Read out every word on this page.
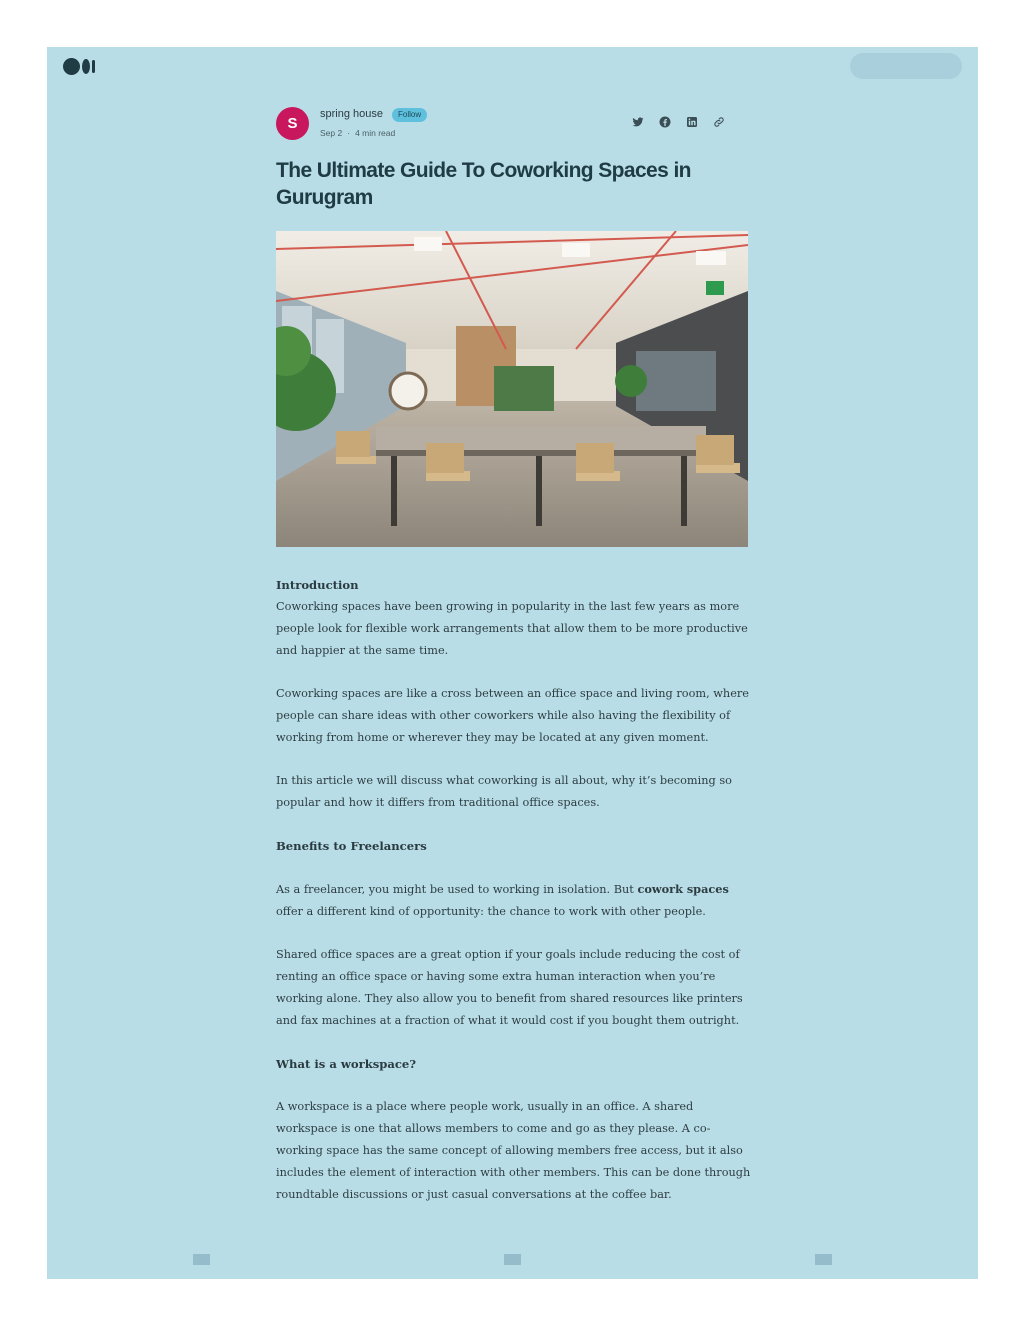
S
spring house	Follow
Sep 2 · 4 min read

The Ultimate Guide To Coworking Spaces in Gurugram
Introduction

Coworking spaces have been growing in popularity in the last few years as more people look for flexible work arrangements that allow them to be more productive and happier at the same time.

Coworking spaces are like a cross between an office space and living room, where people can share ideas with other coworkers while also having the flexibility of working from home or wherever they may be located at any given moment.

In this article we will discuss what coworking is all about, why it’s becoming so popular and how it differs from traditional office spaces.

Benefits to Freelancers

As a freelancer, you might be used to working in isolation. But cowork spaces offer a different kind of opportunity: the chance to work with other people.

Shared office spaces are a great option if your goals include reducing the cost of renting an office space or having some extra human interaction when you’re working alone. They also allow you to benefit from shared resources like printers and fax machines at a fraction of what it would cost if you bought them outright.

What is a workspace?

A workspace is a place where people work, usually in an office. A shared workspace is one that allows members to come and go as they please. A co-working space has the same concept of allowing members free access, but it also includes the element of interaction with other members. This can be done through roundtable discussions or just casual conversations at the coffee bar.
